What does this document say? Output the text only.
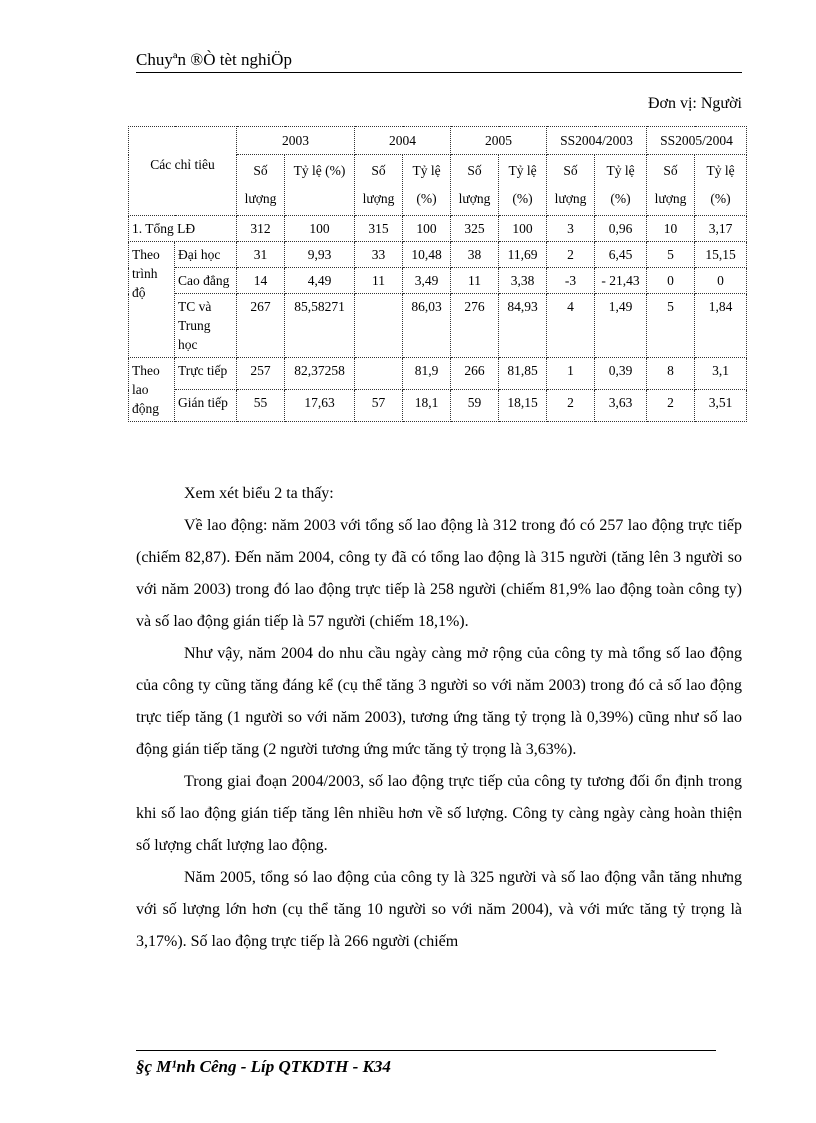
Chuyªn ®Ò tèt nghiÖp
Đơn vị: Người
Các chỉ tiêu		2003		2004		2005		SS2004/2003		SS2005/2004	
		Số lượng	Tỷ lệ (%)	Số lượng	Tỷ lệ (%)	Số lượng	Tỷ lệ (%)	Số lượng	Tỷ lệ (%)	Số lượng	Tỷ lệ (%)
1. Tổng LĐ		312	100	315	100	325	100	3	0,96	10	3,17
Theo trình độ	Đại học	31	9,93	33	10,48	38	11,69	2	6,45	5	15,15
	Cao đẳng	14	4,49	11	3,49	11	3,38	-3	- 21,43	0	0
	TC và Trung học	267	85,58271		86,03	276	84,93	4	1,49	5	1,84
Theo lao động	Trực tiếp	257	82,37258		81,9	266	81,85	1	0,39	8	3,1
	Gián tiếp	55	17,63	57	18,1	59	18,15	2	3,63	2	3,51

Xem xét biểu 2 ta thấy:

Về lao động: năm 2003 với tổng số lao động là 312 trong đó có 257 lao động trực tiếp (chiếm 82,87). Đến năm 2004, công ty đã có tổng lao động là 315 người (tăng lên 3 người so với năm 2003) trong đó lao động trực tiếp là 258 người (chiếm 81,9% lao động toàn công ty) và số lao động gián tiếp là 57 người (chiếm 18,1%).

Như vậy, năm 2004 do nhu cầu ngày càng mở rộng của công ty mà tổng số lao động của công ty cũng tăng đáng kể (cụ thể tăng 3 người so với năm 2003) trong đó cả số lao động trực tiếp tăng (1 người so với năm 2003), tương ứng tăng tỷ trọng là 0,39%) cũng như số lao động gián tiếp tăng (2 người tương ứng mức tăng tỷ trọng là 3,63%).

Trong giai đoạn 2004/2003, số lao động trực tiếp của công ty tương đối ổn định trong khi số lao động gián tiếp tăng lên nhiều hơn về số lượng. Công ty càng ngày càng hoàn thiện số lượng chất lượng lao động.

Năm 2005, tổng só lao động của công ty là 325 người và số lao động vẫn tăng nhưng với số lượng lớn hơn (cụ thể tăng 10 người so với năm 2004), và với mức tăng tỷ trọng là 3,17%). Số lao động trực tiếp là 266 người (chiếm

§ç M¹nh Cêng - Líp QTKDTH - K34
